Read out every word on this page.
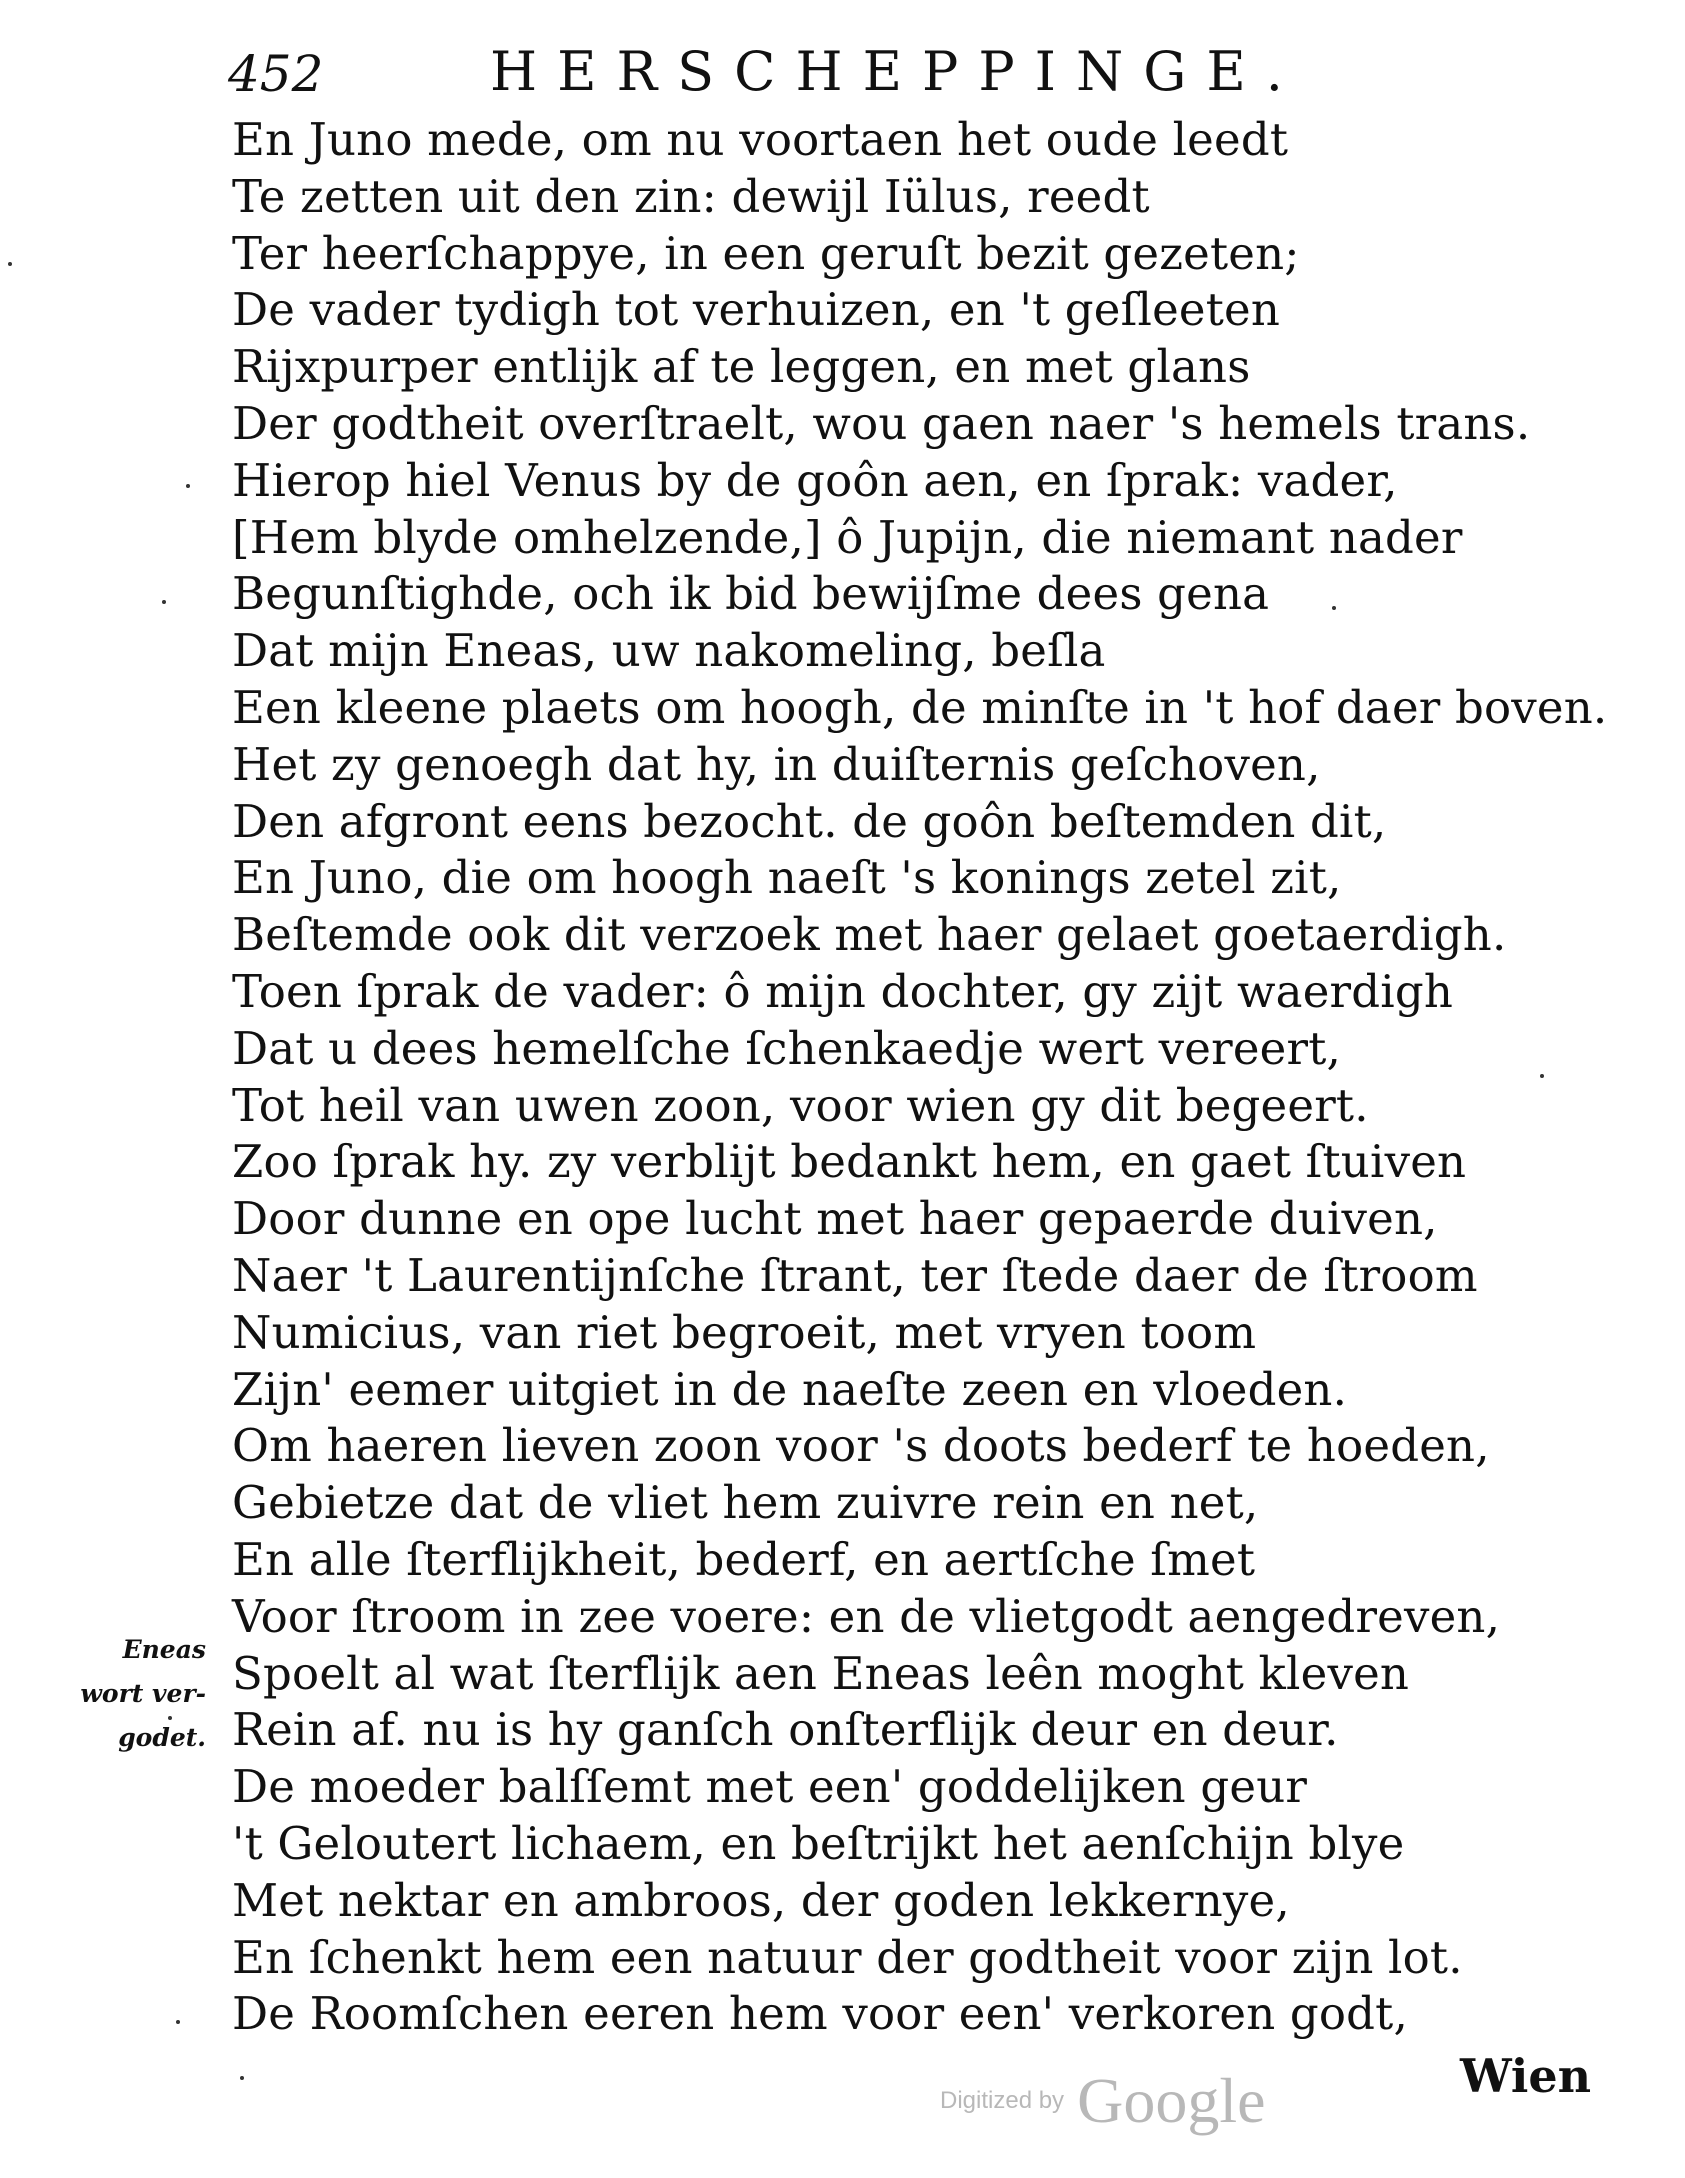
452	HERSCHEPPINGE.
En Juno mede, om nu voortaen het oude leedt
Te zetten uit den zin: dewijl Iülus, reedt
Ter heerſchappye, in een geruſt bezit gezeten;
De vader tydigh tot verhuizen, en 't geſleeten
Rijxpurper entlijk af te leggen, en met glans
Der godtheit overſtraelt, wou gaen naer 's hemels trans.
Hierop hiel Venus by de goôn aen, en ſprak: vader,
[Hem blyde omhelzende,] ô Jupijn, die niemant nader
Begunſtighde, och ik bid bewijſme dees gena
Dat mijn Eneas, uw nakomeling, beſla
Een kleene plaets om hoogh, de minſte in 't hof daer boven.
Het zy genoegh dat hy, in duiſternis geſchoven,
Den afgront eens bezocht. de goôn beſtemden dit,
En Juno, die om hoogh naeſt 's konings zetel zit,
Beſtemde ook dit verzoek met haer gelaet goetaerdigh.
Toen ſprak de vader: ô mijn dochter, gy zijt waerdigh
Dat u dees hemelſche ſchenkaedje wert vereert,
Tot heil van uwen zoon, voor wien gy dit begeert.
Zoo ſprak hy. zy verblijt bedankt hem, en gaet ſtuiven
Door dunne en ope lucht met haer gepaerde duiven,
Naer 't Laurentijnſche ſtrant, ter ſtede daer de ſtroom
Numicius, van riet begroeit, met vryen toom
Zijn' eemer uitgiet in de naeſte zeen en vloeden.
Om haeren lieven zoon voor 's doots bederf te hoeden,
Gebietze dat de vliet hem zuivre rein en net,
En alle ſterflijkheit, bederf, en aertſche ſmet
Voor ſtroom in zee voere: en de vlietgodt aengedreven,
Spoelt al wat ſterflijk aen Eneas leên moght kleven
Rein af. nu is hy ganſch onſterflijk deur en deur.
De moeder balſſemt met een' goddelijken geur
't Geloutert lichaem, en beſtrijkt het aenſchijn blye
Met nektar en ambroos, der goden lekkernye,
En ſchenkt hem een natuur der godtheit voor zijn lot.
De Roomſchen eeren hem voor een' verkoren godt,
Eneas
wort ver-
godet.
Wien
Digitized by Google
